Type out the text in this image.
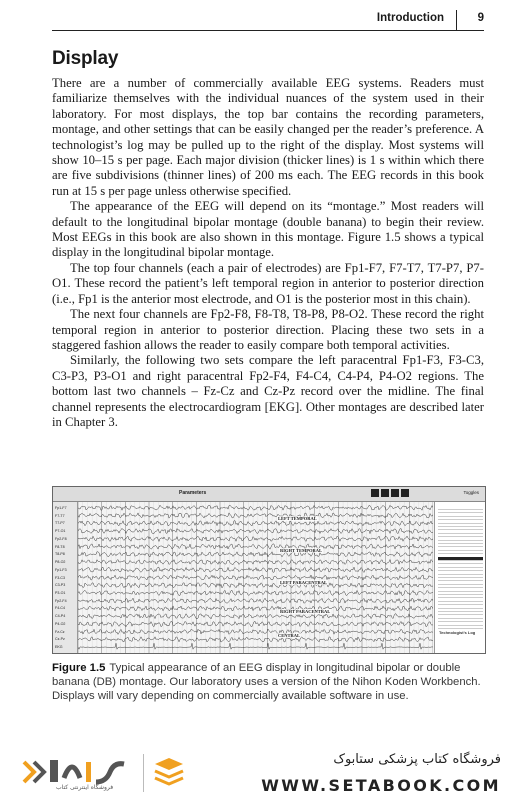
Introduction	9
Display

There are a number of commercially available EEG systems. Readers must familiarize themselves with the individual nuances of the system used in their laboratory. For most displays, the top bar contains the recording parameters, montage, and other settings that can be easily changed per the reader’s preference. A technologist’s log may be pulled up to the right of the display. Most systems will show 10–15 s per page. Each major division (thicker lines) is 1 s within which there are five subdivisions (thinner lines) of 200 ms each. The EEG records in this book run at 15 s per page unless otherwise specified.

The appearance of the EEG will depend on its “montage.” Most readers will default to the longitudinal bipolar montage (double banana) to begin their review. Most EEGs in this book are also shown in this montage. Figure 1.5 shows a typical display in the longitudinal bipolar montage.

The top four channels (each a pair of electrodes) are Fp1-F7, F7-T7, T7-P7, P7-O1. These record the patient’s left temporal region in anterior to posterior direction (i.e., Fp1 is the anterior most electrode, and O1 is the posterior most in this chain).

The next four channels are Fp2-F8, F8-T8, T8-P8, P8-O2. These record the right temporal region in anterior to posterior direction. Placing these two sets in a staggered fashion allows the reader to easily compare both temporal activities.

Similarly, the following two sets compare the left paracentral Fp1-F3, F3-C3, C3-P3, P3-O1 and right paracentral Fp2-F4, F4-C4, C4-P4, P4-O2 regions. The bottom last two channels – Fz-Cz and Cz-Pz record over the midline. The final channel represents the electrocardiogram [EKG]. Other montages are described later in Chapter 3.

Parameters	Toggles
Fp1-F7
F7-T7
T7-P7
P7-O1
Fp2-F8
F8-T8
T8-P8
P8-O2
Fp1-F3
F3-C3
C3-P3
P3-O1
Fp2-F4
F4-C4
C4-P4
P4-O2
Fz-Cz
Cz-Pz
EKG
LEFT TEMPORAL
RIGHT TEMPORAL
LEFT PARACENTRAL
RIGHT PARACENTRAL
CENTRAL
Technologist's Log
Figure 1.5 Typical appearance of an EEG display in longitudinal bipolar or double banana (DB) montage. Our laboratory uses a version of the Nihon Koden Workbench. Displays will vary depending on commercially available software in use.
فروشگاه اینترنتی کتاب
فروشگاه کتاب پزشکی ستابوک
WWW.SETABOOK.COM
